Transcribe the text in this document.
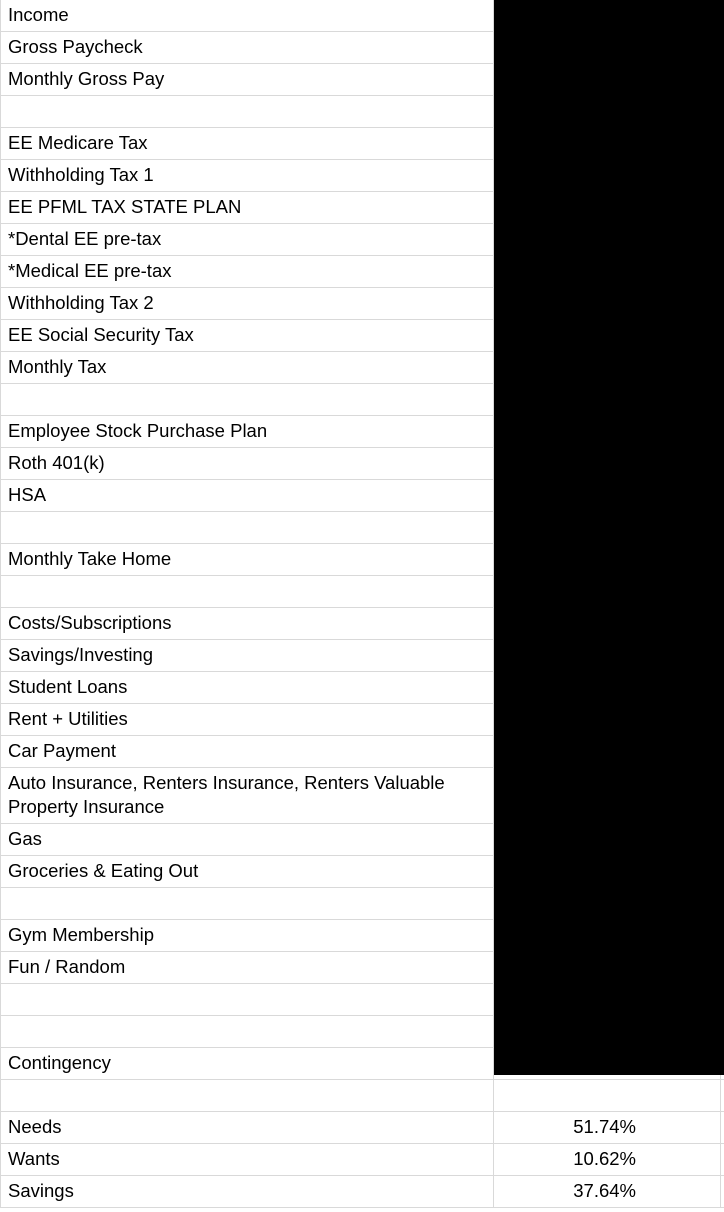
Income
Gross Paycheck
Monthly Gross Pay
EE Medicare Tax
Withholding Tax 1
EE PFML TAX STATE PLAN
*Dental EE pre-tax
*Medical EE pre-tax
Withholding Tax 2
EE Social Security Tax
Monthly Tax
Employee Stock Purchase Plan
Roth 401(k)
HSA
Monthly Take Home
Costs/Subscriptions
Savings/Investing
Student Loans
Rent + Utilities
Car Payment
Auto Insurance, Renters Insurance, Renters Valuable Property Insurance
Gas
Groceries & Eating Out
Gym Membership
Fun / Random
Contingency
Needs	51.74%
Wants	10.62%
Savings	37.64%
